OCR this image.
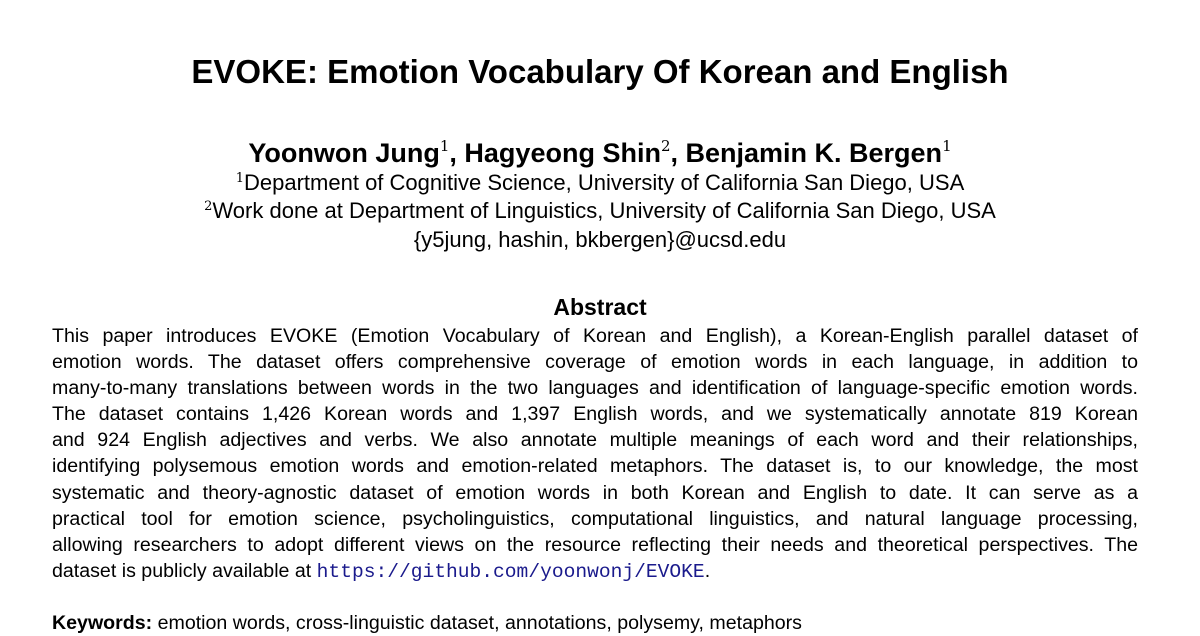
EVOKE: Emotion Vocabulary Of Korean and English
Yoonwon Jung$^1$, Hagyeong Shin$^2$, Benjamin K. Bergen$^1$
$^1$Department of Cognitive Science, University of California San Diego, USA
$^2$Work done at Department of Linguistics, University of California San Diego, USA
{y5jung, hashin, bkbergen}@ucsd.edu
Abstract
This paper introduces EVOKE (Emotion Vocabulary of Korean and English), a Korean-English parallel dataset of
emotion words. The dataset offers comprehensive coverage of emotion words in each language, in addition to
many-to-many translations between words in the two languages and identification of language-specific emotion words.
The dataset contains 1,426 Korean words and 1,397 English words, and we systematically annotate 819 Korean
and 924 English adjectives and verbs. We also annotate multiple meanings of each word and their relationships,
identifying polysemous emotion words and emotion-related metaphors. The dataset is, to our knowledge, the most
systematic and theory-agnostic dataset of emotion words in both Korean and English to date. It can serve as a
practical tool for emotion science, psycholinguistics, computational linguistics, and natural language processing,
allowing researchers to adopt different views on the resource reflecting their needs and theoretical perspectives. The
dataset is publicly available at https://github.com/yoonwonj/EVOKE.
Keywords: emotion words, cross-linguistic dataset, annotations, polysemy, metaphors
